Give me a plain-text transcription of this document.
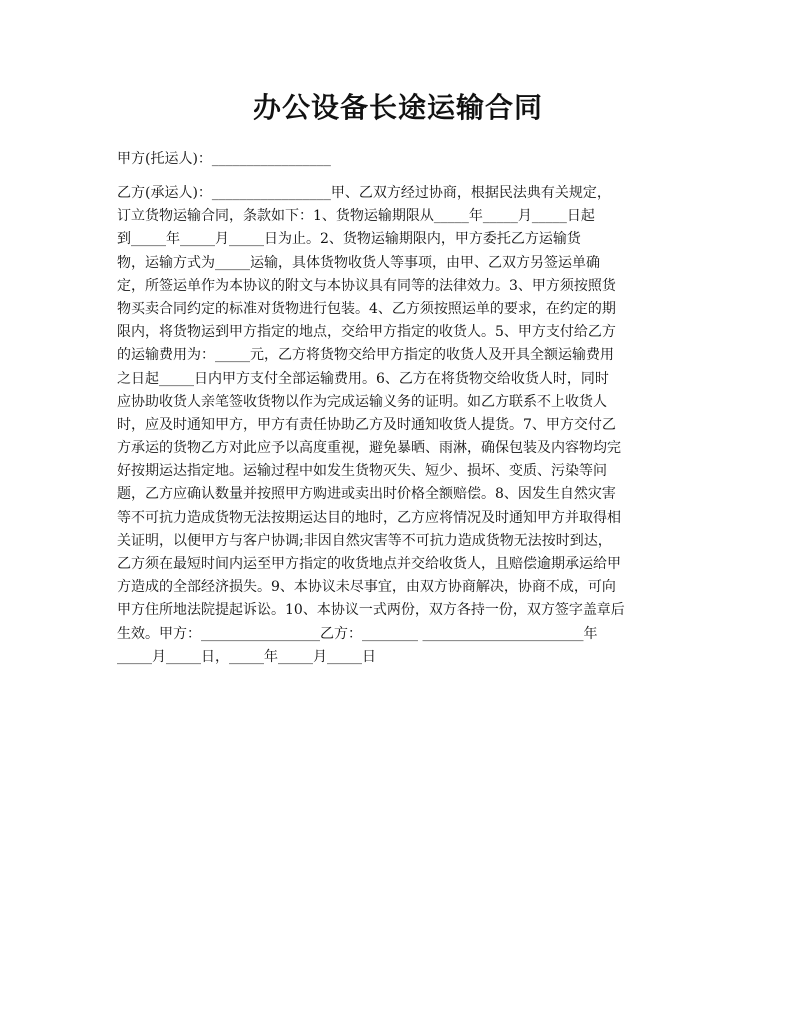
办公设备长途运输合同
甲方(托运人)：_________________
乙方(承运人)：_________________甲、乙双方经过协商，根据民法典有关规定，
订立货物运输合同，条款如下：1、货物运输期限从_____年_____月_____日起
到_____年_____月_____日为止。2、货物运输期限内，甲方委托乙方运输货
物，运输方式为_____运输，具体货物收货人等事项，由甲、乙双方另签运单确
定，所签运单作为本协议的附文与本协议具有同等的法律效力。3、甲方须按照货
物买卖合同约定的标准对货物进行包装。4、乙方须按照运单的要求，在约定的期
限内，将货物运到甲方指定的地点，交给甲方指定的收货人。5、甲方支付给乙方
的运输费用为：_____元，乙方将货物交给甲方指定的收货人及开具全额运输费用
之日起_____日内甲方支付全部运输费用。6、乙方在将货物交给收货人时，同时
应协助收货人亲笔签收货物以作为完成运输义务的证明。如乙方联系不上收货人
时，应及时通知甲方，甲方有责任协助乙方及时通知收货人提货。7、甲方交付乙
方承运的货物乙方对此应予以高度重视，避免暴晒、雨淋，确保包装及内容物均完
好按期运达指定地。运输过程中如发生货物灭失、短少、损坏、变质、污染等问
题，乙方应确认数量并按照甲方购进或卖出时价格全额赔偿。8、因发生自然灾害
等不可抗力造成货物无法按期运达目的地时，乙方应将情况及时通知甲方并取得相
关证明，以便甲方与客户协调;非因自然灾害等不可抗力造成货物无法按时到达，
乙方须在最短时间内运至甲方指定的收货地点并交给收货人，且赔偿逾期承运给甲
方造成的全部经济损失。9、本协议未尽事宜，由双方协商解决，协商不成，可向
甲方住所地法院提起诉讼。10、本协议一式两份，双方各持一份，双方签字盖章后
生效。甲方：_________________乙方：________ _______________________年
_____月_____日，_____年_____月_____日
